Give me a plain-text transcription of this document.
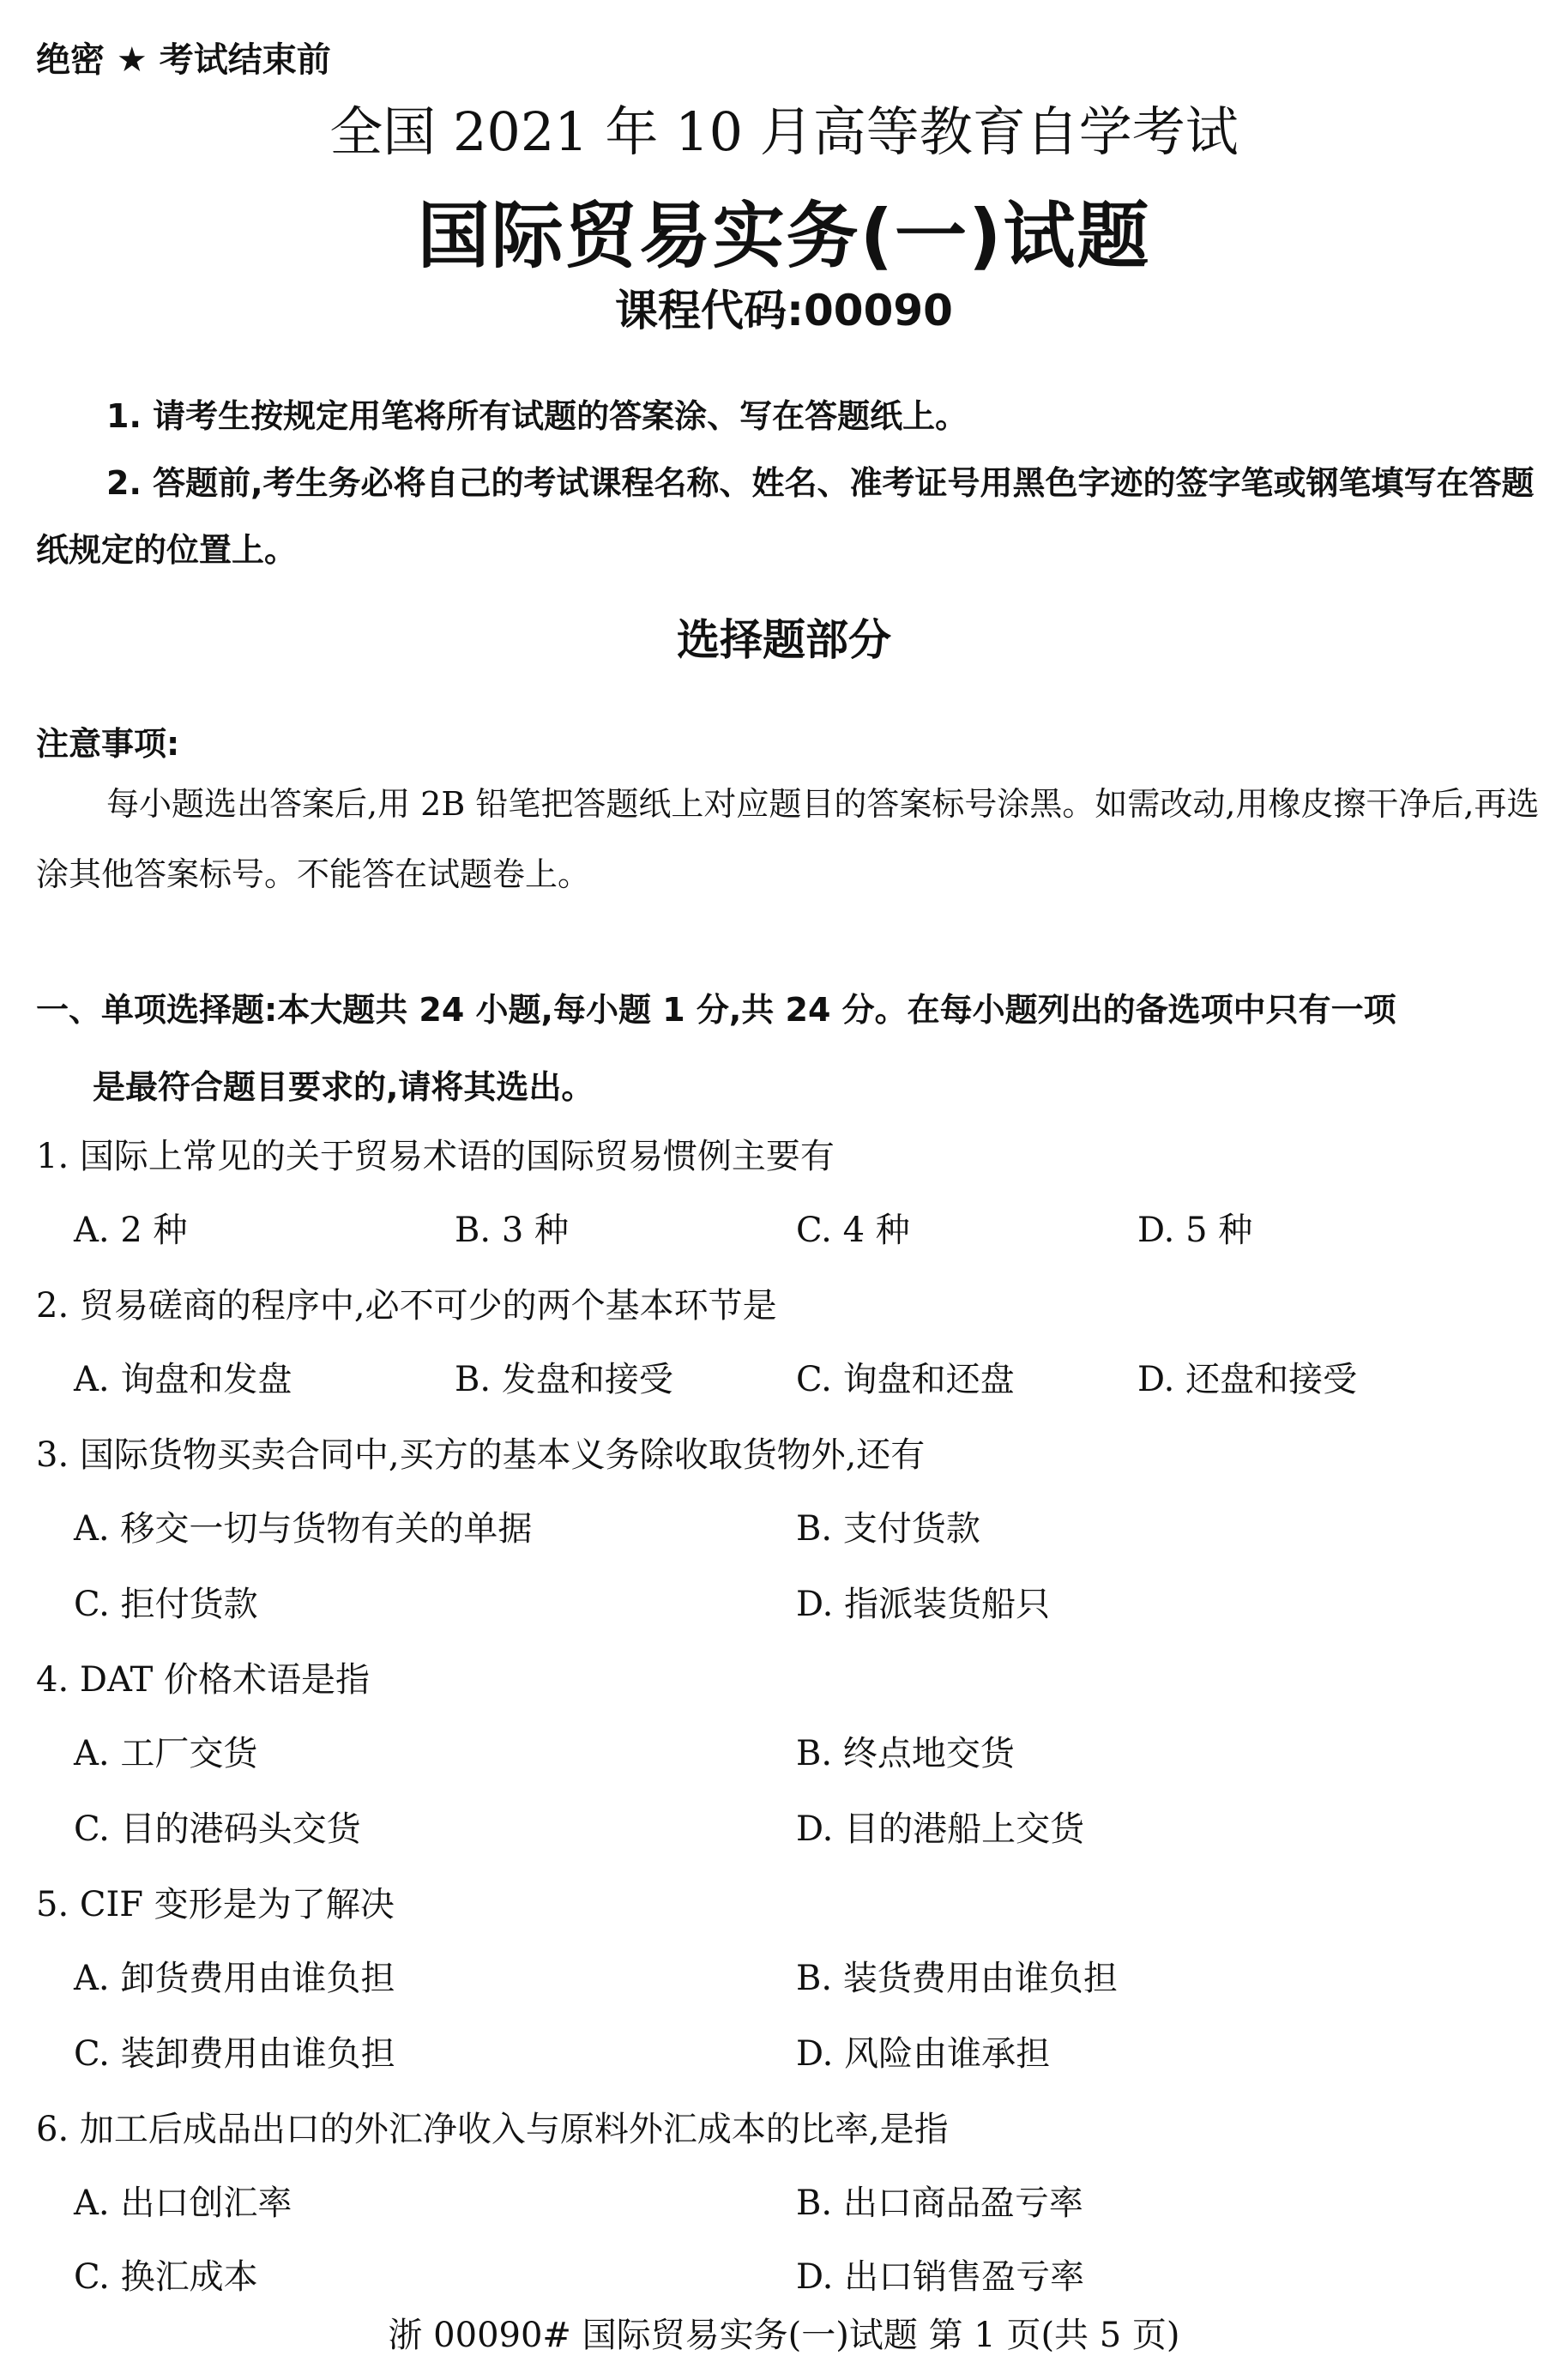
绝密 ★ 考试结束前
全国 2021 年 10 月高等教育自学考试
国际贸易实务(一)试题
课程代码:00090
1. 请考生按规定用笔将所有试题的答案涂、写在答题纸上。
2. 答题前,考生务必将自己的考试课程名称、姓名、准考证号用黑色字迹的签字笔或钢笔填写在答题纸规定的位置上。
选择题部分
注意事项:
每小题选出答案后,用 2B 铅笔把答题纸上对应题目的答案标号涂黑。如需改动,用橡皮擦干净后,再选涂其他答案标号。不能答在试题卷上。
一、单项选择题:本大题共 24 小题,每小题 1 分,共 24 分。在每小题列出的备选项中只有一项
是最符合题目要求的,请将其选出。
1. 国际上常见的关于贸易术语的国际贸易惯例主要有
A. 2 种	B. 3 种	C. 4 种	D. 5 种
2. 贸易磋商的程序中,必不可少的两个基本环节是
A. 询盘和发盘	B. 发盘和接受	C. 询盘和还盘	D. 还盘和接受
3. 国际货物买卖合同中,买方的基本义务除收取货物外,还有
A. 移交一切与货物有关的单据	B. 支付货款
C. 拒付货款	D. 指派装货船只
4. DAT 价格术语是指
A. 工厂交货	B. 终点地交货
C. 目的港码头交货	D. 目的港船上交货
5. CIF 变形是为了解决
A. 卸货费用由谁负担	B. 装货费用由谁负担
C. 装卸费用由谁负担	D. 风险由谁承担
6. 加工后成品出口的外汇净收入与原料外汇成本的比率,是指
A. 出口创汇率	B. 出口商品盈亏率
C. 换汇成本	D. 出口销售盈亏率
浙 00090# 国际贸易实务(一)试题 第 1 页(共 5 页)
